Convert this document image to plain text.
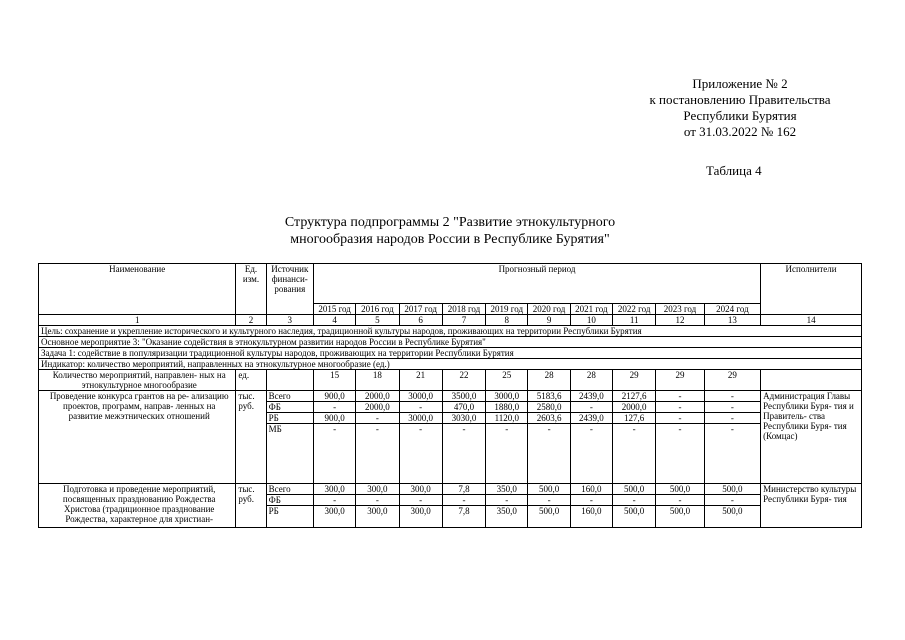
Приложение № 2
к постановлению Правительства
Республики Бурятия
от 31.03.2022 № 162
Таблица 4
Структура подпрограммы 2 "Развитие этнокультурного
многообразия народов России в Республике Бурятия"
Наименование	Ед. изм.	Источник финанси- рования	Прогнозный период										Исполнители
			2015 год	2016 год	2017 год	2018 год	2019 год	2020 год	2021 год	2022 год	2023 год	2024 год	
1	2	3	4	5	6	7	8	9	10	11	12	13	14
Цель: сохранение и укрепление исторического и культурного наследия, традиционной культуры народов, проживающих на территории Республики Бурятия													
Основное мероприятие 3: "Оказание содействия в этнокультурном развитии народов России в Республике Бурятия"													
Задача 1: содействие в популяризации традиционной культуры народов, проживающих на территории Республики Бурятия													
Индикатор: количество мероприятий, направленных на этнокультурное многообразие (ед.)													
Количество мероприятий, направлен- ных на этнокультурное многообразие	ед.		15	18	21	22	25	28	28	29	29	29	
Проведение конкурса грантов на ре- ализацию проектов, программ, направ- ленных на развитие межэтнических отношений	тыс. руб.	Всего	900,0	2000,0	3000,0	3500,0	3000,0	5183,6	2439,0	2127,6	-	-	Администрация Главы Республики Буря- тия и Правитель- ства Республики Буря- тия (Комцас)
		ФБ	-	2000,0	-	470,0	1880,0	2580,0	-	2000,0	-	-	
		РБ	900,0	-	3000,0	3030,0	1120,0	2603,6	2439,0	127,6	-	-	
		МБ	-	-	-	-	-	-	-	-	-	-	
Подготовка и проведение мероприятий, посвященных празднованию Рождества Христова (традиционное празднование Рождества, характерное для христиан-	тыс. руб.	Всего	300,0	300,0	300,0	7,8	350,0	500,0	160,0	500,0	500,0	500,0	Министерство культуры Республики Буря- тия
		ФБ	-	-	-	-	-	-	-	-	-	-	
		РБ	300,0	300,0	300,0	7,8	350,0	500,0	160,0	500,0	500,0	500,0	
